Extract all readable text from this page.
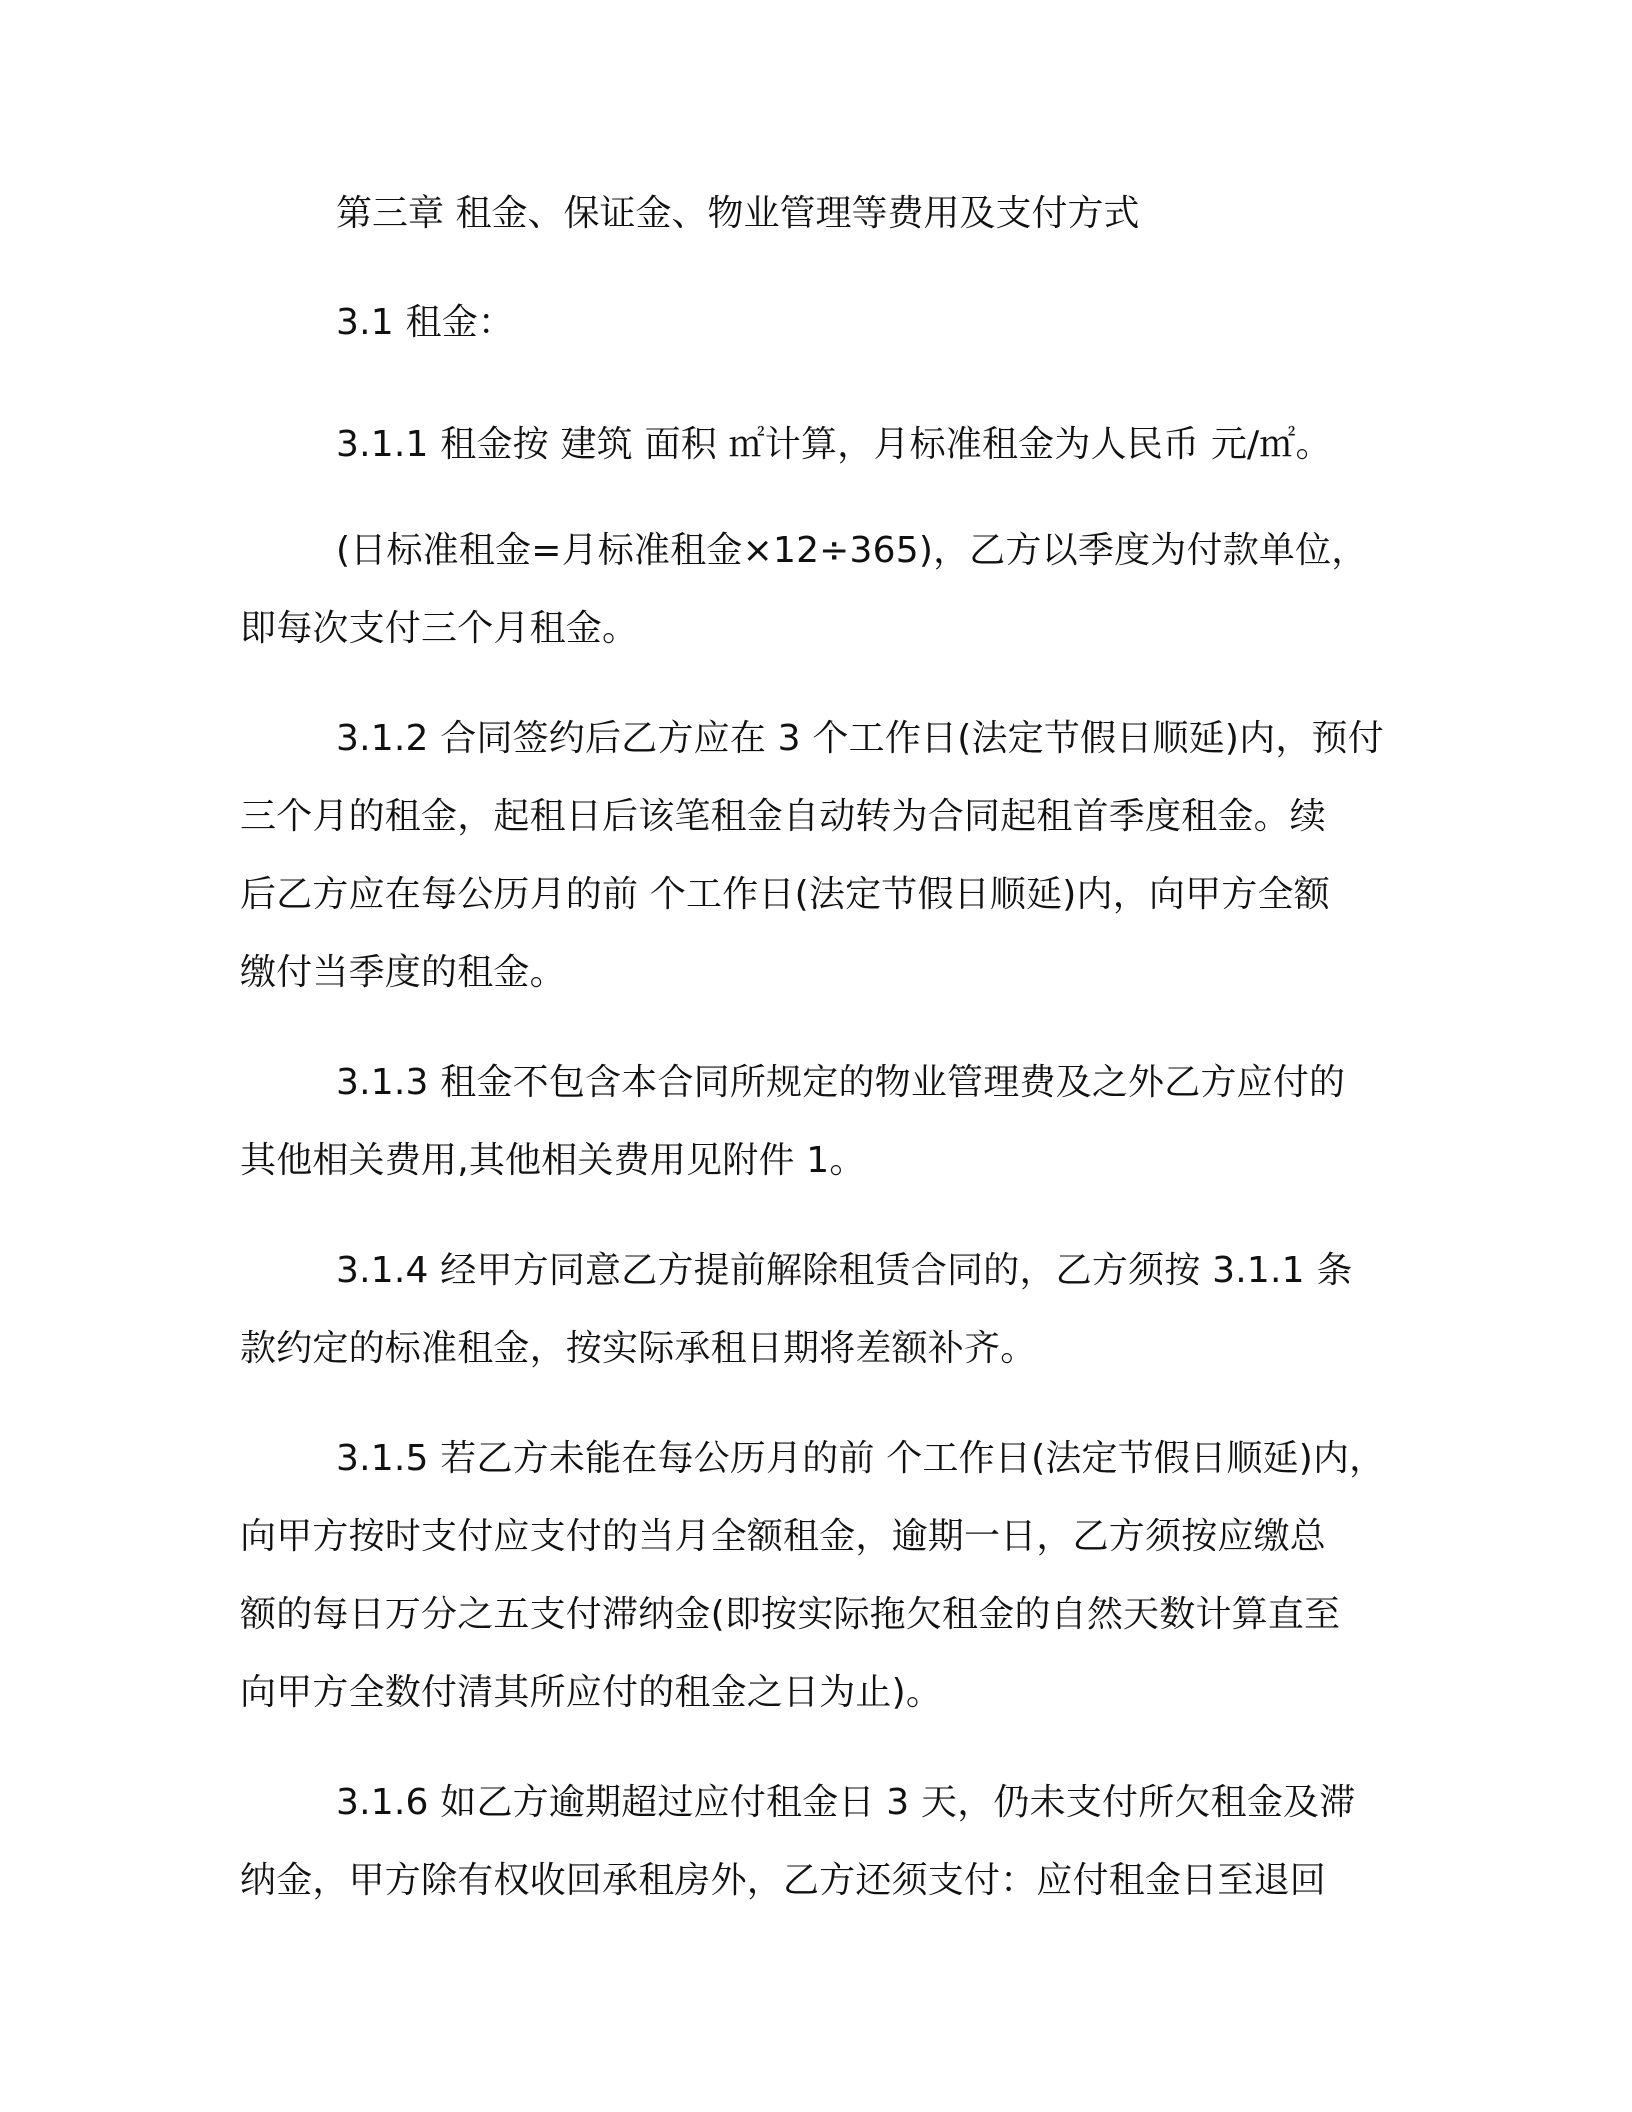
第三章 租金、保证金、物业管理等费用及支付方式
3.1 租金：
3.1.1 租金按 建筑 面积 ㎡计算，月标准租金为人民币 元/㎡。
(日标准租金=月标准租金×12÷365)，乙方以季度为付款单位，
即每次支付三个月租金。
3.1.2 合同签约后乙方应在 3 个工作日(法定节假日顺延)内，预付
三个月的租金，起租日后该笔租金自动转为合同起租首季度租金。续
后乙方应在每公历月的前 个工作日(法定节假日顺延)内，向甲方全额
缴付当季度的租金。
3.1.3 租金不包含本合同所规定的物业管理费及之外乙方应付的
其他相关费用,其他相关费用见附件 1。
3.1.4 经甲方同意乙方提前解除租赁合同的，乙方须按 3.1.1 条
款约定的标准租金，按实际承租日期将差额补齐。
3.1.5 若乙方未能在每公历月的前 个工作日(法定节假日顺延)内，
向甲方按时支付应支付的当月全额租金，逾期一日，乙方须按应缴总
额的每日万分之五支付滞纳金(即按实际拖欠租金的自然天数计算直至
向甲方全数付清其所应付的租金之日为止)。
3.1.6 如乙方逾期超过应付租金日 3 天，仍未支付所欠租金及滞
纳金，甲方除有权收回承租房外，乙方还须支付：应付租金日至退回
